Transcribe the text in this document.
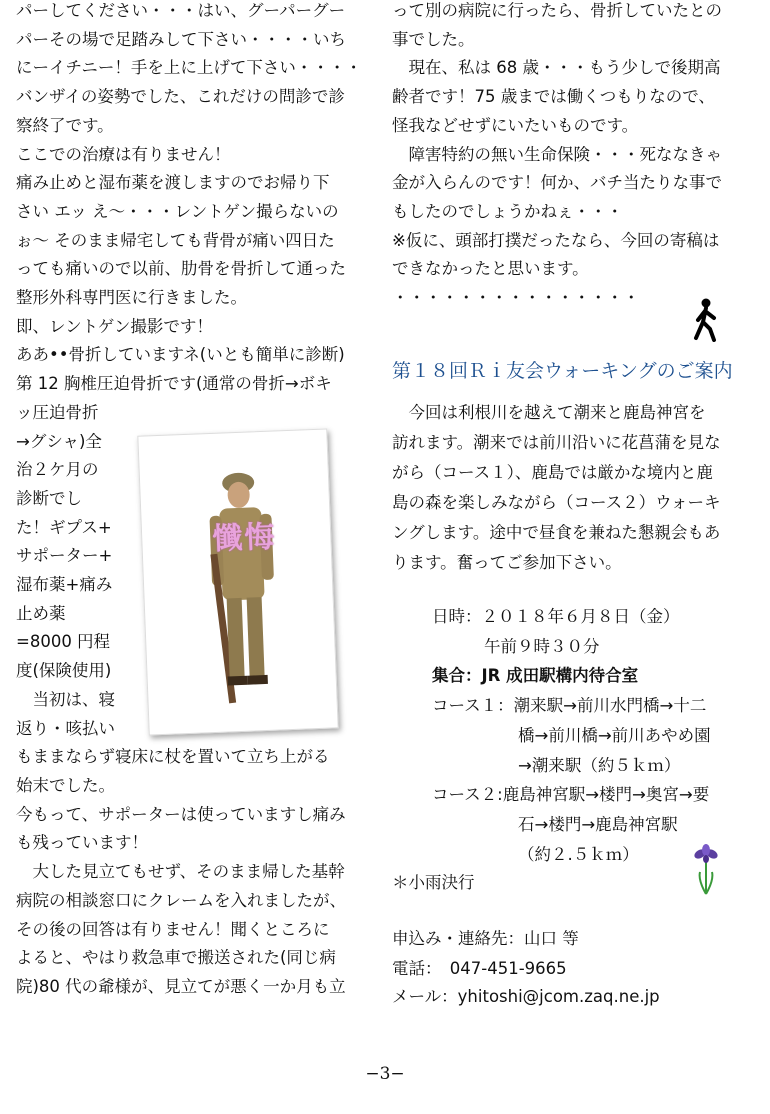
パーしてください・・・はい、グーパーグー

パーその場で足踏みして下さい・・・・いち

にーイチニー！手を上に上げて下さい・・・・

バンザイの姿勢でした、これだけの問診で診

察終了です。

ここでの治療は有りません！

痛み止めと湿布薬を渡しますのでお帰り下

さい エッ え～・・・レントゲン撮らないの

ぉ～ そのまま帰宅しても背骨が痛い四日た

っても痛いので以前、肋骨を骨折して通った

整形外科専門医に行きました。

即、レントゲン撮影です！

ああ••骨折していますネ(いとも簡単に診断)

第 12 胸椎圧迫骨折です(通常の骨折→ボキ

ッ圧迫骨折

→グシャ)全

治２ケ月の

診断でし

た！ギプス+

サポーター+

湿布薬+痛み

止め薬

=8000 円程

度(保険使用)

　当初は、寝

返り・咳払い

もままならず寝床に杖を置いて立ち上がる

始末でした。

今もって、サポーターは使っていますし痛み

も残っています！

　大した見立てもせず、そのまま帰した基幹

病院の相談窓口にクレームを入れましたが、

その後の回答は有りません！聞くところに

よると、やはり救急車で搬送された(同じ病

院)80 代の爺様が、見立てが悪く一か月も立

懺悔

って別の病院に行ったら、骨折していたとの

事でした。

　現在、私は 68 歳・・・もう少しで後期高

齢者です！75 歳までは働くつもりなので、

怪我などせずにいたいものです。

　障害特約の無い生命保険・・・死ななきゃ

金が入らんのです！何か、バチ当たりな事で

もしたのでしょうかねぇ・・・

※仮に、頭部打撲だったなら、今回の寄稿は

できなかったと思います。

・・・・・・・・・・・・・・・

第１８回Ｒｉ友会ウォーキングのご案内
　今回は利根川を越えて潮来と鹿島神宮を
訪れます。潮来では前川沿いに花菖蒲を見な
がら（コース１）、鹿島では厳かな境内と鹿
島の森を楽しみながら（コース２）ウォーキ
ングします。途中で昼食を兼ねた懇親会もあ
ります。奮ってご参加下さい。
日時：２０１８年６月８日（金）
午前９時３０分
集合：JR 成田駅構内待合室
コース１：潮来駅→前川水門橋→十二
橋→前川橋→前川あやめ園
→潮来駅（約５ｋｍ）
コース２:鹿島神宮駅→楼門→奥宮→要
石→楼門→鹿島神宮駅
（約２.５ｋｍ）
＊小雨決行
申込み・連絡先：山口 等
電話：　047-451-9665
メール：yhitoshi@jcom.zaq.ne.jp
−3−
